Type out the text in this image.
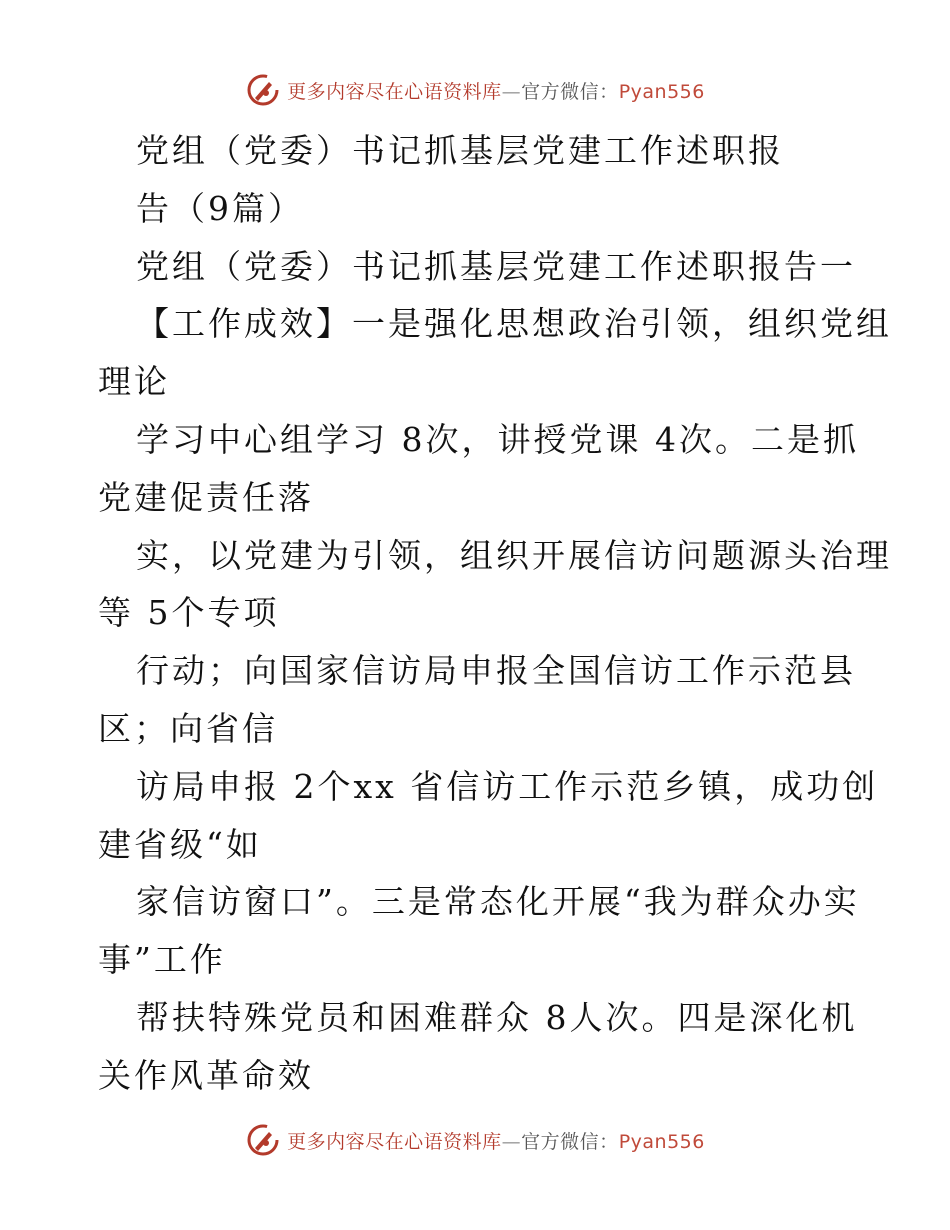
更多内容尽在心语资料库—官方微信：Pyan556
党组（党委）书记抓基层党建工作述职报
告（9篇）
党组（党委）书记抓基层党建工作述职报告一
【工作成效】一是强化思想政治引领，组织党组
理论
学习中心组学习 8次，讲授党课 4次。二是抓
党建促责任落
实，以党建为引领，组织开展信访问题源头治理
等 5个专项
行动；向国家信访局申报全国信访工作示范县
区；向省信
访局申报 2个xx 省信访工作示范乡镇，成功创
建省级“如
家信访窗口”。三是常态化开展“我为群众办实
事”工作
帮扶特殊党员和困难群众 8人次。四是深化机
关作风革命效
更多内容尽在心语资料库—官方微信：Pyan556
